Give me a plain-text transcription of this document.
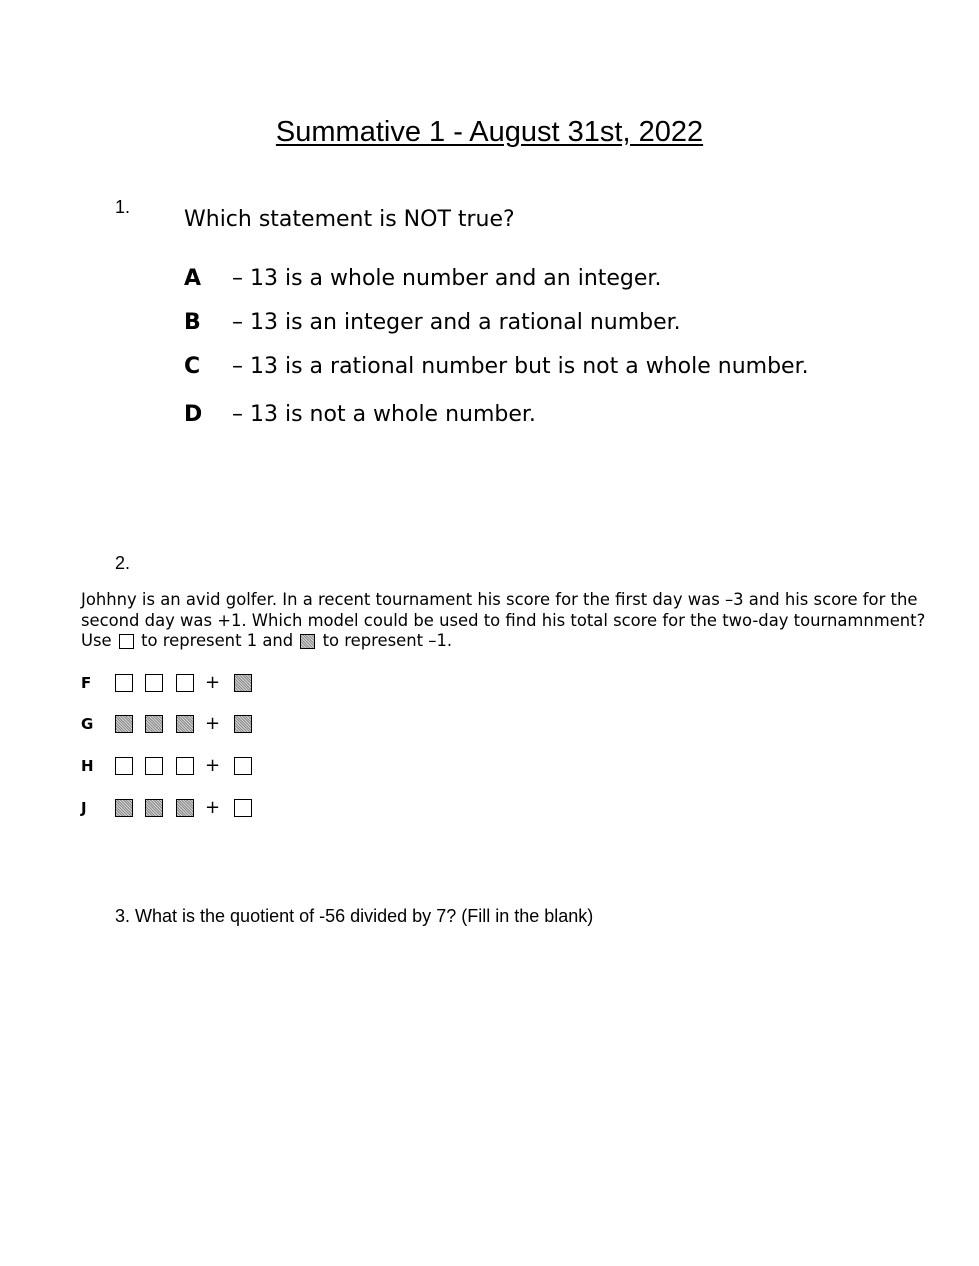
Summative 1 - August 31st, 2022
1. Which statement is NOT true?
A – 13 is a whole number and an integer.
B – 13 is an integer and a rational number.
C – 13 is a rational number but is not a whole number.
D – 13 is not a whole number.
2.
Johhny is an avid golfer. In a recent tournament his score for the first day was –3 and his score for the second day was +1. Which model could be used to find his total score for the two-day tournamnment? Use to represent 1 and to represent –1.
F	+
G	+
H	+
J	+
3. What is the quotient of -56 divided by 7? (Fill in the blank)
